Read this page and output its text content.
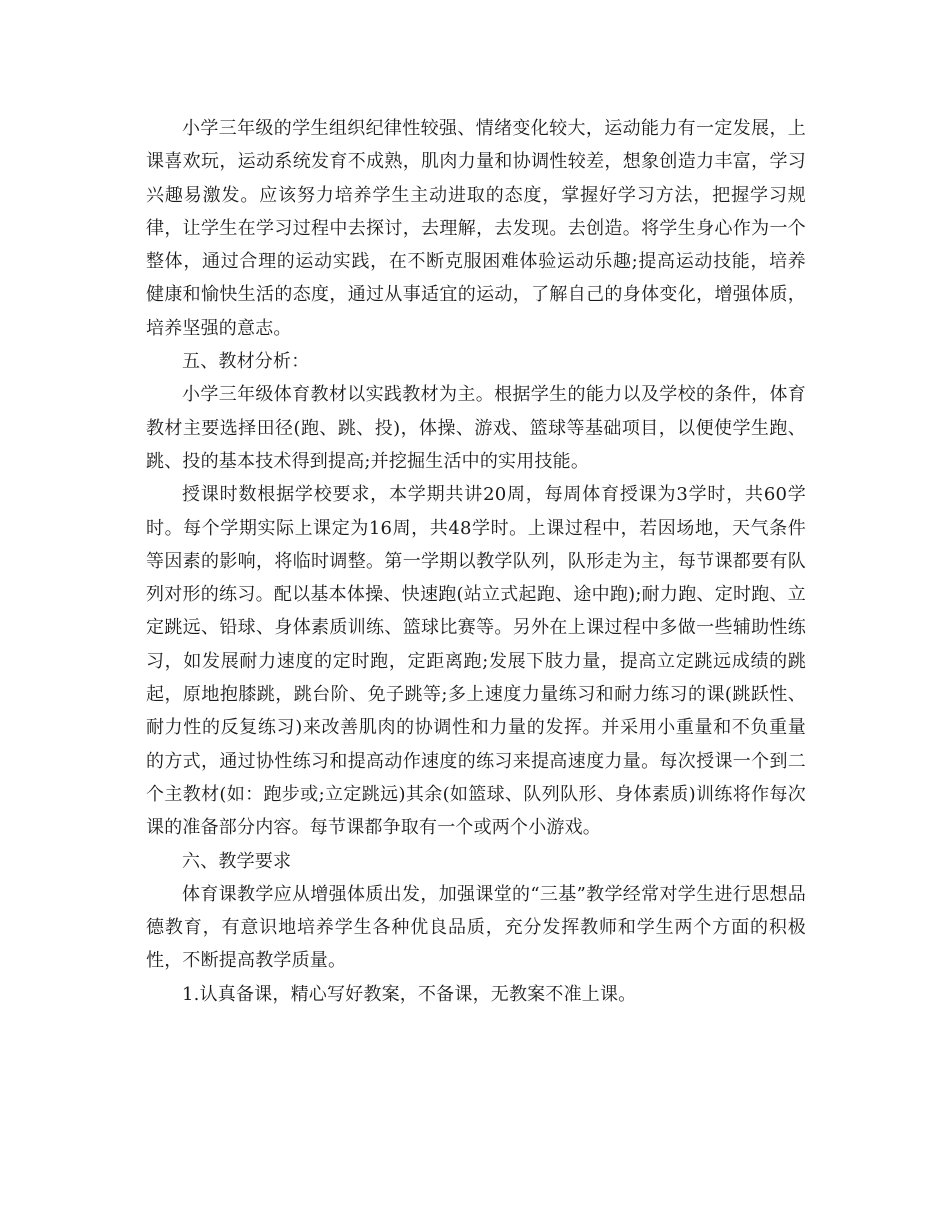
小学三年级的学生组织纪律性较强、情绪变化较大，运动能力有一定发展，上课喜欢玩，运动系统发育不成熟，肌肉力量和协调性较差，想象创造力丰富，学习兴趣易激发。应该努力培养学生主动进取的态度，掌握好学习方法，把握学习规律，让学生在学习过程中去探讨，去理解，去发现。去创造。将学生身心作为一个整体，通过合理的运动实践，在不断克服困难体验运动乐趣;提高运动技能，培养健康和愉快生活的态度，通过从事适宜的运动，了解自己的身体变化，增强体质，培养坚强的意志。

五、教材分析：

小学三年级体育教材以实践教材为主。根据学生的能力以及学校的条件，体育教材主要选择田径(跑、跳、投)，体操、游戏、篮球等基础项目，以便使学生跑、跳、投的基本技术得到提高;并挖掘生活中的实用技能。

授课时数根据学校要求，本学期共讲20周，每周体育授课为3学时，共60学时。每个学期实际上课定为16周，共48学时。上课过程中，若因场地，天气条件等因素的影响，将临时调整。第一学期以教学队列，队形走为主，每节课都要有队列对形的练习。配以基本体操、快速跑(站立式起跑、途中跑);耐力跑、定时跑、立定跳远、铅球、身体素质训练、篮球比赛等。另外在上课过程中多做一些辅助性练习，如发展耐力速度的定时跑，定距离跑;发展下肢力量，提高立定跳远成绩的跳起，原地抱膝跳，跳台阶、免子跳等;多上速度力量练习和耐力练习的课(跳跃性、耐力性的反复练习)来改善肌肉的协调性和力量的发挥。并采用小重量和不负重量的方式，通过协性练习和提高动作速度的练习来提高速度力量。每次授课一个到二个主教材(如：跑步或;立定跳远)其余(如篮球、队列队形、身体素质)训练将作每次课的准备部分内容。每节课都争取有一个或两个小游戏。

六、教学要求

体育课教学应从增强体质出发，加强课堂的“三基”教学经常对学生进行思想品德教育，有意识地培养学生各种优良品质，充分发挥教师和学生两个方面的积极性，不断提高教学质量。

1.认真备课，精心写好教案，不备课，无教案不准上课。
